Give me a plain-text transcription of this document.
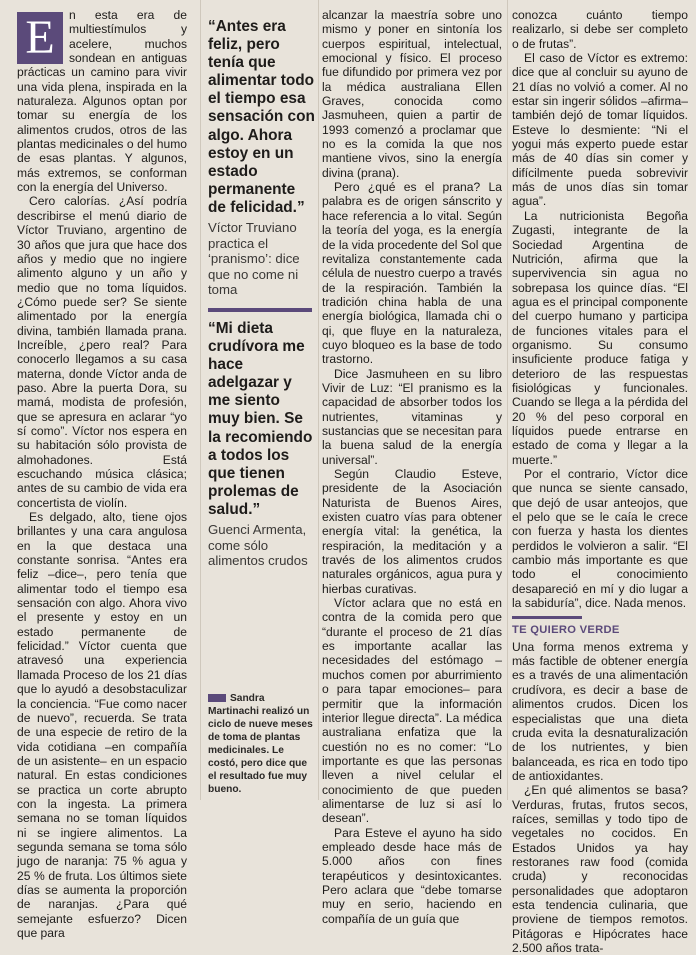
E	n esta era de multiestímulos y acelere, muchos sondean en antiguas prácticas un camino para vivir una vida plena, inspirada en la naturaleza. Algunos optan por tomar su energía de los alimentos crudos, otros de las plantas medicinales o del humo de esas plantas. Y algunos, más extremos, se conforman con la energía del Universo.

Cero calorías. ¿Así podría describirse el menú diario de Víctor Truviano, argentino de 30 años que jura que hace dos años y medio que no ingiere alimento alguno y un año y medio que no toma líquidos. ¿Cómo puede ser? Se siente alimentado por la energía divina, también llamada prana. Increíble, ¿pero real? Para conocerlo llegamos a su casa materna, donde Víctor anda de paso. Abre la puerta Dora, su mamá, modista de profesión, que se apresura en aclarar “yo sí como”. Víctor nos espera en su habitación sólo provista de almohadones. Está escuchando música clásica; antes de su cambio de vida era concertista de violín.

Es delgado, alto, tiene ojos brillantes y una cara angulosa en la que destaca una constante sonrisa. “Antes era feliz –dice–, pero tenía que alimentar todo el tiempo esa sensación con algo. Ahora vivo el presente y estoy en un estado permanente de felicidad.” Víctor cuenta que atravesó una experiencia llamada Proceso de los 21 días que lo ayudó a desobstaculizar la conciencia. “Fue como nacer de nuevo”, recuerda. Se trata de una especie de retiro de la vida cotidiana –en compañía de un asistente– en un espacio natural. En estas condiciones se practica un corte abrupto con la ingesta. La primera semana no se toman líquidos ni se ingiere alimentos. La segunda semana se toma sólo jugo de naranja: 75 % agua y 25 % de fruta. Los últimos siete días se aumenta la proporción de naranjas. ¿Para qué semejante esfuerzo? Dicen que para

“Antes era feliz, pero tenía que alimentar todo el tiempo esa sensación con algo. Ahora estoy en un estado permanente de felicidad.”
Víctor Truviano practica el ‘pranismo’: dice que no come ni toma
“Mi dieta crudívora me hace adelgazar y me siento muy bien. Se la recomiendo a todos los que tienen prolemas de salud.”
Guenci Armenta, come sólo alimentos crudos
Sandra Martinachi realizó un ciclo de nueve meses de toma de plantas medicinales. Le costó, pero dice que el resultado fue muy bueno.

alcanzar la maestría sobre uno mismo y poner en sintonía los cuerpos espiritual, intelectual, emocional y físico. El proceso fue difundido por primera vez por la médica australiana Ellen Graves, conocida como Jasmuheen, quien a partir de 1993 comenzó a proclamar que no es la comida la que nos mantiene vivos, sino la energía divina (prana).

Pero ¿qué es el prana? La palabra es de origen sánscrito y hace referencia a lo vital. Según la teoría del yoga, es la energía de la vida procedente del Sol que revitaliza constantemente cada célula de nuestro cuerpo a través de la respiración. También la tradición china habla de una energía biológica, llamada chi o qi, que fluye en la naturaleza, cuyo bloqueo es la base de todo trastorno.

Dice Jasmuheen en su libro Vivir de Luz: “El pranismo es la capacidad de absorber todos los nutrientes, vitaminas y sustancias que se necesitan para la buena salud de la energía universal”.

Según Claudio Esteve, presidente de la Asociación Naturista de Buenos Aires, existen cuatro vías para obtener energía vital: la genética, la respiración, la meditación y a través de los alimentos crudos naturales orgánicos, agua pura y hierbas curativas.

Víctor aclara que no está en contra de la comida pero que “durante el proceso de 21 días es importante acallar las necesidades del estómago –muchos comen por aburrimiento o para tapar emociones– para permitir que la información interior llegue directa”. La médica australiana enfatiza que la cuestión no es no comer: “Lo importante es que las personas lleven a nivel celular el conocimiento de que pueden alimentarse de luz si así lo desean”.

Para Esteve el ayuno ha sido empleado desde hace más de 5.000 años con fines terapéuticos y desintoxicantes. Pero aclara que “debe tomarse muy en serio, haciendo en compañía de un guía que

conozca cuánto tiempo realizarlo, si debe ser completo o de frutas”.

El caso de Víctor es extremo: dice que al concluir su ayuno de 21 días no volvió a comer. Al no estar sin ingerir sólidos –afirma– también dejó de tomar líquidos. Esteve lo desmiente: “Ni el yogui más experto puede estar más de 40 días sin comer y difícilmente pueda sobrevivir más de unos días sin tomar agua”.

La nutricionista Begoña Zugasti, integrante de la Sociedad Argentina de Nutrición, afirma que la supervivencia sin agua no sobrepasa los quince días. “El agua es el principal componente del cuerpo humano y participa de funciones vitales para el organismo. Su consumo insuficiente produce fatiga y deterioro de las respuestas fisiológicas y funcionales. Cuando se llega a la pérdida del 20 % del peso corporal en líquidos puede entrarse en estado de coma y llegar a la muerte.”

Por el contrario, Víctor dice que nunca se siente cansado, que dejó de usar anteojos, que el pelo que se le caía le crece con fuerza y hasta los dientes perdidos le volvieron a salir. “El cambio más importante es que todo el conocimiento desapareció en mí y dio lugar a la sabiduría”, dice. Nada menos.

TE QUIERO VERDE

Una forma menos extrema y más factible de obtener energía es a través de una alimentación crudívora, es decir a base de alimentos crudos. Dicen los especialistas que una dieta cruda evita la desnaturalización de los nutrientes, y bien balanceada, es rica en todo tipo de antioxidantes.

¿En qué alimentos se basa? Verduras, frutas, frutos secos, raíces, semillas y todo tipo de vegetales no cocidos. En Estados Unidos ya hay restoranes raw food (comida cruda) y reconocidas personalidades que adoptaron esta tendencia culinaria, que proviene de tiempos remotos. Pitágoras e Hipócrates hace 2.500 años trata-
